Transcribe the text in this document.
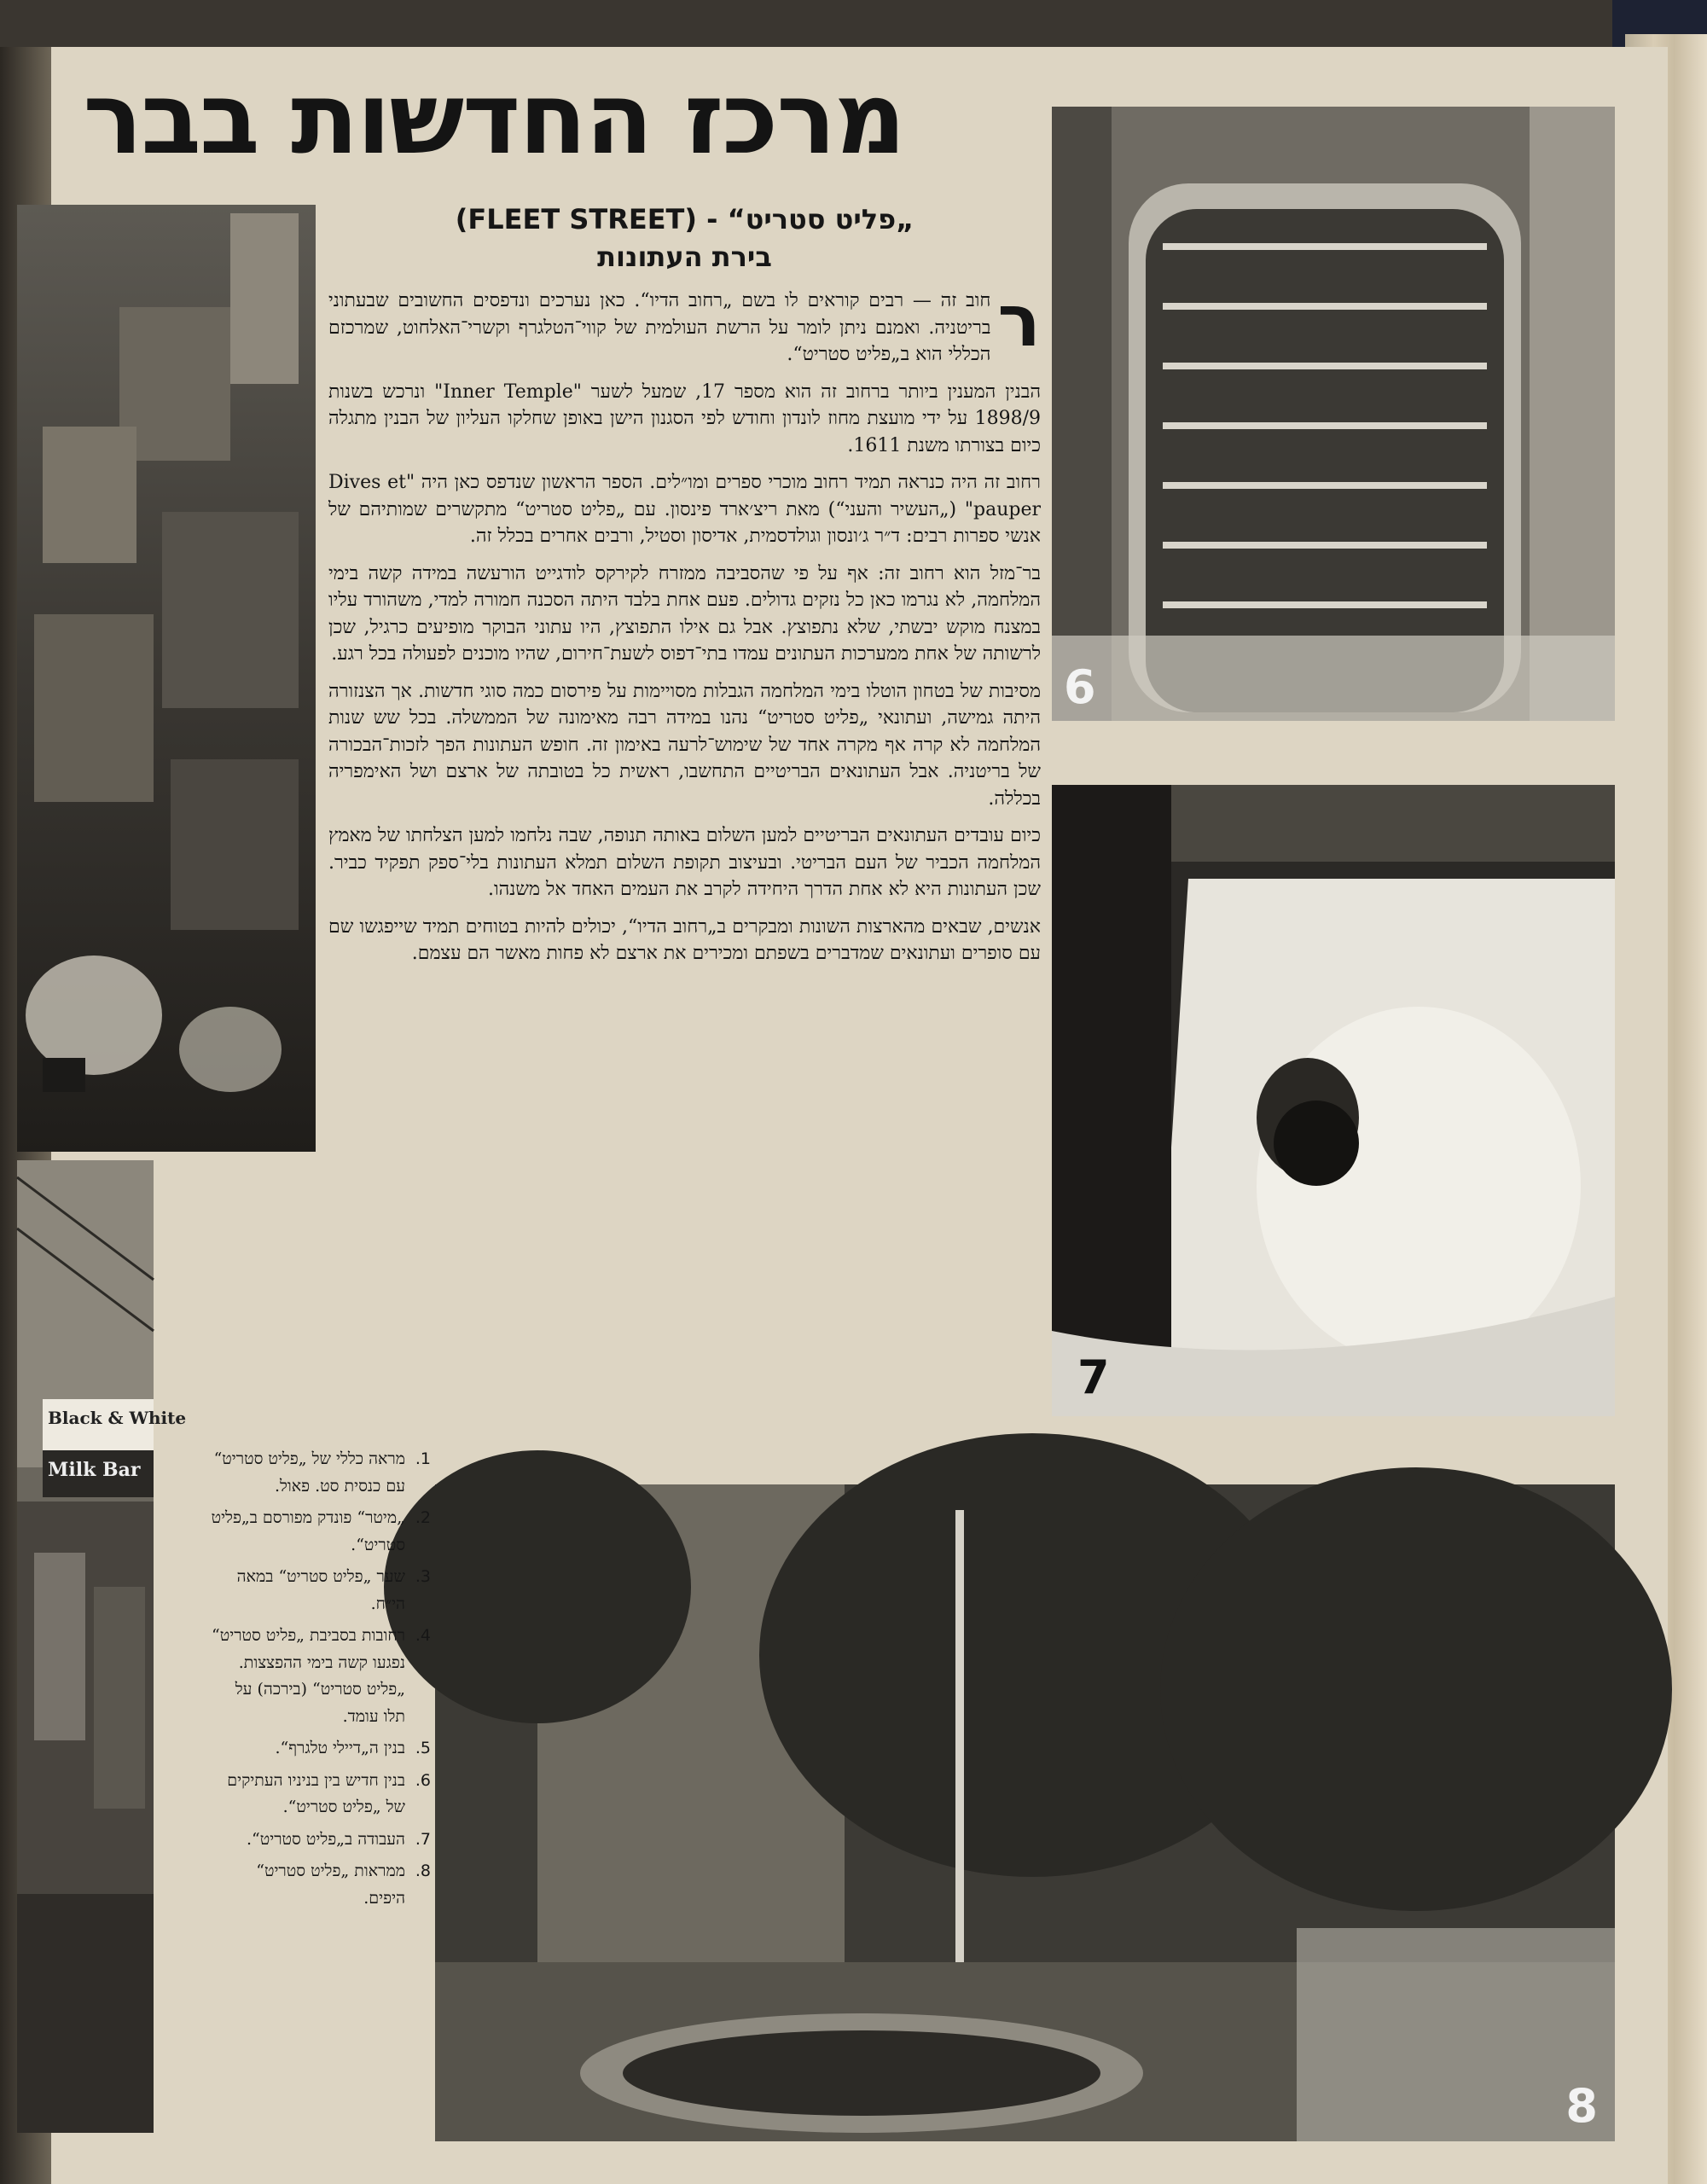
Black & White
Milk Bar
מרכז החדשות בבר
6
7
8
„פליט סטריט“ - (FLEET STREET)
בירת העתונות

ר
חוב זה — רבים קוראים לו בשם „רחוב הדיו“. כאן נערכים ונדפסים החשובים שבעתוני בריטניה. ואמנם ניתן לומר על הרשת העולמית של קווי־הטלגרף וקשרי־האלחוט, שמרכזם הכללי הוא ב„פליט סטריט“.

הבנין המענין ביותר ברחוב זה הוא מספר 17, שמעל לשער "Inner Temple" ונרכש בשנות 1898/9 על ידי מועצת מחוז לונדון וחודש לפי הסגנון הישן באופן שחלקו העליון של הבנין מתגלה כיום בצורתו משנת 1611.

רחוב זה היה כנראה תמיד רחוב מוכרי ספרים ומו״לים. הספר הראשון שנדפס כאן היה "Dives et pauper" („העשיר והעני“) מאת ריצ׳ארד פינסון. עם „פליט סטריט“ מתקשרים שמותיהם של אנשי ספרות רבים: ד״ר ג׳ונסון וגולדסמית, אדיסון וסטיל, ורבים אחרים בכלל זה.

בר־מזל הוא רחוב זה: אף על פי שהסביבה ממזרח לקירקס לודגייט הורעשה במידה קשה בימי המלחמה, לא נגרמו כאן כל נזקים גדולים. פעם אחת בלבד היתה הסכנה חמורה למדי, משהורד עליו במצנח מוקש יבשתי, שלא נתפוצץ. אבל גם אילו התפוצץ, היו עתוני הבוקר מופיעים כרגיל, שכן לרשותה של אחת ממערכות העתונים עמדו בתי־דפוס לשעת־חירום, שהיו מוכנים לפעולה בכל רגע.

מסיבות של בטחון הוטלו בימי המלחמה הגבלות מסויימות על פירסום כמה סוגי חדשות. אך הצנזורה היתה גמישה, ועתונאי „פליט סטריט“ נהנו במידה רבה מאימונה של הממשלה. בכל שש שנות המלחמה לא קרה אף מקרה אחד של שימוש־לרעה באימון זה. חופש העתונות הפך לזכות־הבכורה של בריטניה. אבל העתונאים הבריטיים התחשבו, ראשית כל בטובתה של ארצם ושל האימפריה בכללה.

כיום עובדים העתונאים הבריטיים למען השלום באותה תנופה, שבה נלחמו למען הצלחתו של מאמץ המלחמה הכביר של העם הבריטי. ובעיצוב תקופת השלום תמלא העתונות בלי־ספק תפקיד כביר. שכן העתונות היא לא אחת הדרך היחידה לקרב את העמים האחד אל משנהו.

אנשים, שבאים מהארצות השונות ומבקרים ב„רחוב הדיו“, יכולים להיות בטוחים תמיד שייפגשו שם עם סופרים ועתונאים שמדברים בשפתם ומכירים את ארצם לא פחות מאשר הם עצמם.

1.
מראה כללי של „פליט סטריט“ עם כנסית סט. פאול.
2.
„מיטר“ פונדק מפורסם ב„פליט סטריט“.
3.
שער „פליט סטריט“ במאה הי״ח.
4.
רחובות בסביבת „פליט סטריט“ נפגעו קשה בימי ההפצצות. „פליט סטריט“ (בירכה) על תלו עומד.
5.
בנין ה„דיילי טלגרף“.
6.
בנין חדיש בין בניניו העתיקים של „פליט סטריט“.
7.
העבודה ב„פליט סטריט“.
8.
ממראות „פליט סטריט“ היפים.
